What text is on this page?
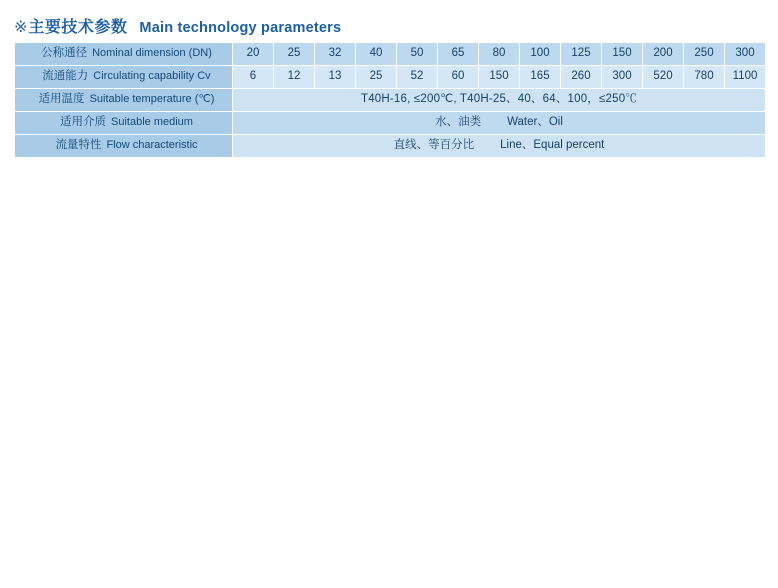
※ 主要技术参数 Main technology parameters
公称通径 Nominal dimension (DN)	20	25	32	40	50	65	80	100	125	150	200	250	300
流通能力 Circulating capability Cv	6	12	13	25	52	60	150	165	260	300	520	780	1100
适用温度 Suitable temperature (℃)	T40H-16, ≤200℃, T40H-25、40、64、100，≤250℃												
适用介质 Suitable medium	水、油类 Water、Oil												
流量特性 Flow characteristic	直线、等百分比 Line、Equal percent												
